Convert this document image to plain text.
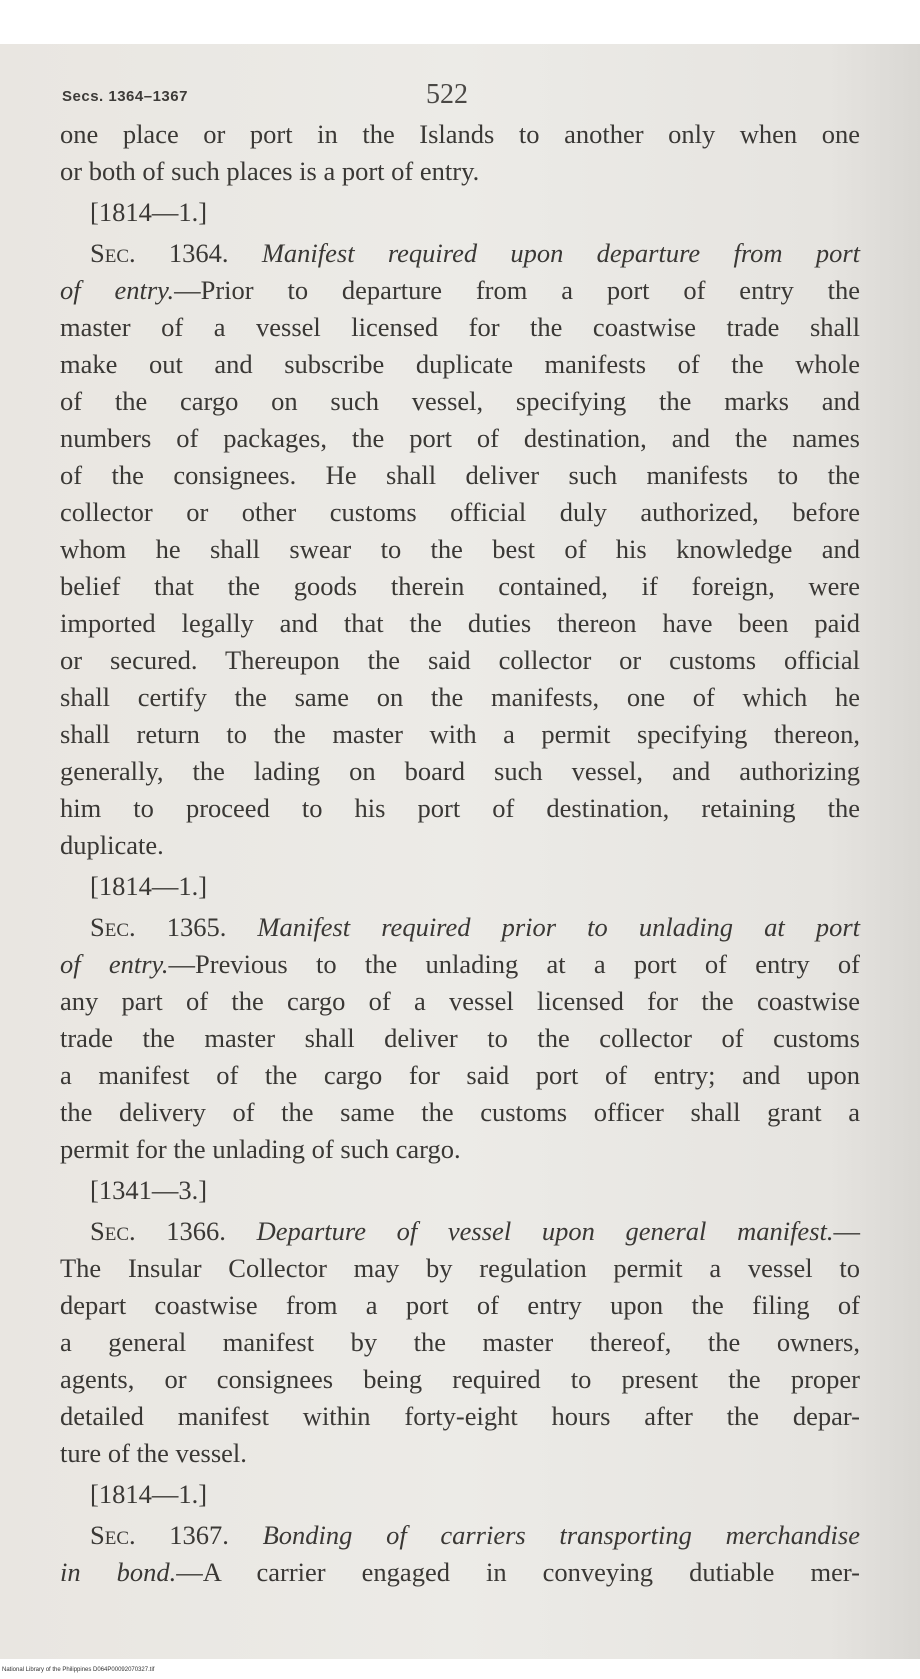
Secs. 1364–1367	522
one place or port in the Islands to another only when one
or both of such places is a port of entry.
[1814—1.]
Sec. 1364. Manifest required upon departure from port
of entry.—Prior to departure from a port of entry the
master of a vessel licensed for the coastwise trade shall
make out and subscribe duplicate manifests of the whole
of the cargo on such vessel, specifying the marks and
numbers of packages, the port of destination, and the names
of the consignees. He shall deliver such manifests to the
collector or other customs official duly authorized, before
whom he shall swear to the best of his knowledge and
belief that the goods therein contained, if foreign, were
imported legally and that the duties thereon have been paid
or secured. Thereupon the said collector or customs official
shall certify the same on the manifests, one of which he
shall return to the master with a permit specifying thereon,
generally, the lading on board such vessel, and authorizing
him to proceed to his port of destination, retaining the
duplicate.
[1814—1.]
Sec. 1365. Manifest required prior to unlading at port
of entry.—Previous to the unlading at a port of entry of
any part of the cargo of a vessel licensed for the coastwise
trade the master shall deliver to the collector of customs
a manifest of the cargo for said port of entry; and upon
the delivery of the same the customs officer shall grant a
permit for the unlading of such cargo.
[1341—3.]
Sec. 1366. Departure of vessel upon general manifest.—
The Insular Collector may by regulation permit a vessel to
depart coastwise from a port of entry upon the filing of
a general manifest by the master thereof, the owners,
agents, or consignees being required to present the proper
detailed manifest within forty-eight hours after the depar-
ture of the vessel.
[1814—1.]
Sec. 1367. Bonding of carriers transporting merchandise
in bond.—A carrier engaged in conveying dutiable mer-
National Library of the Philippines D064P00092070327.tif
